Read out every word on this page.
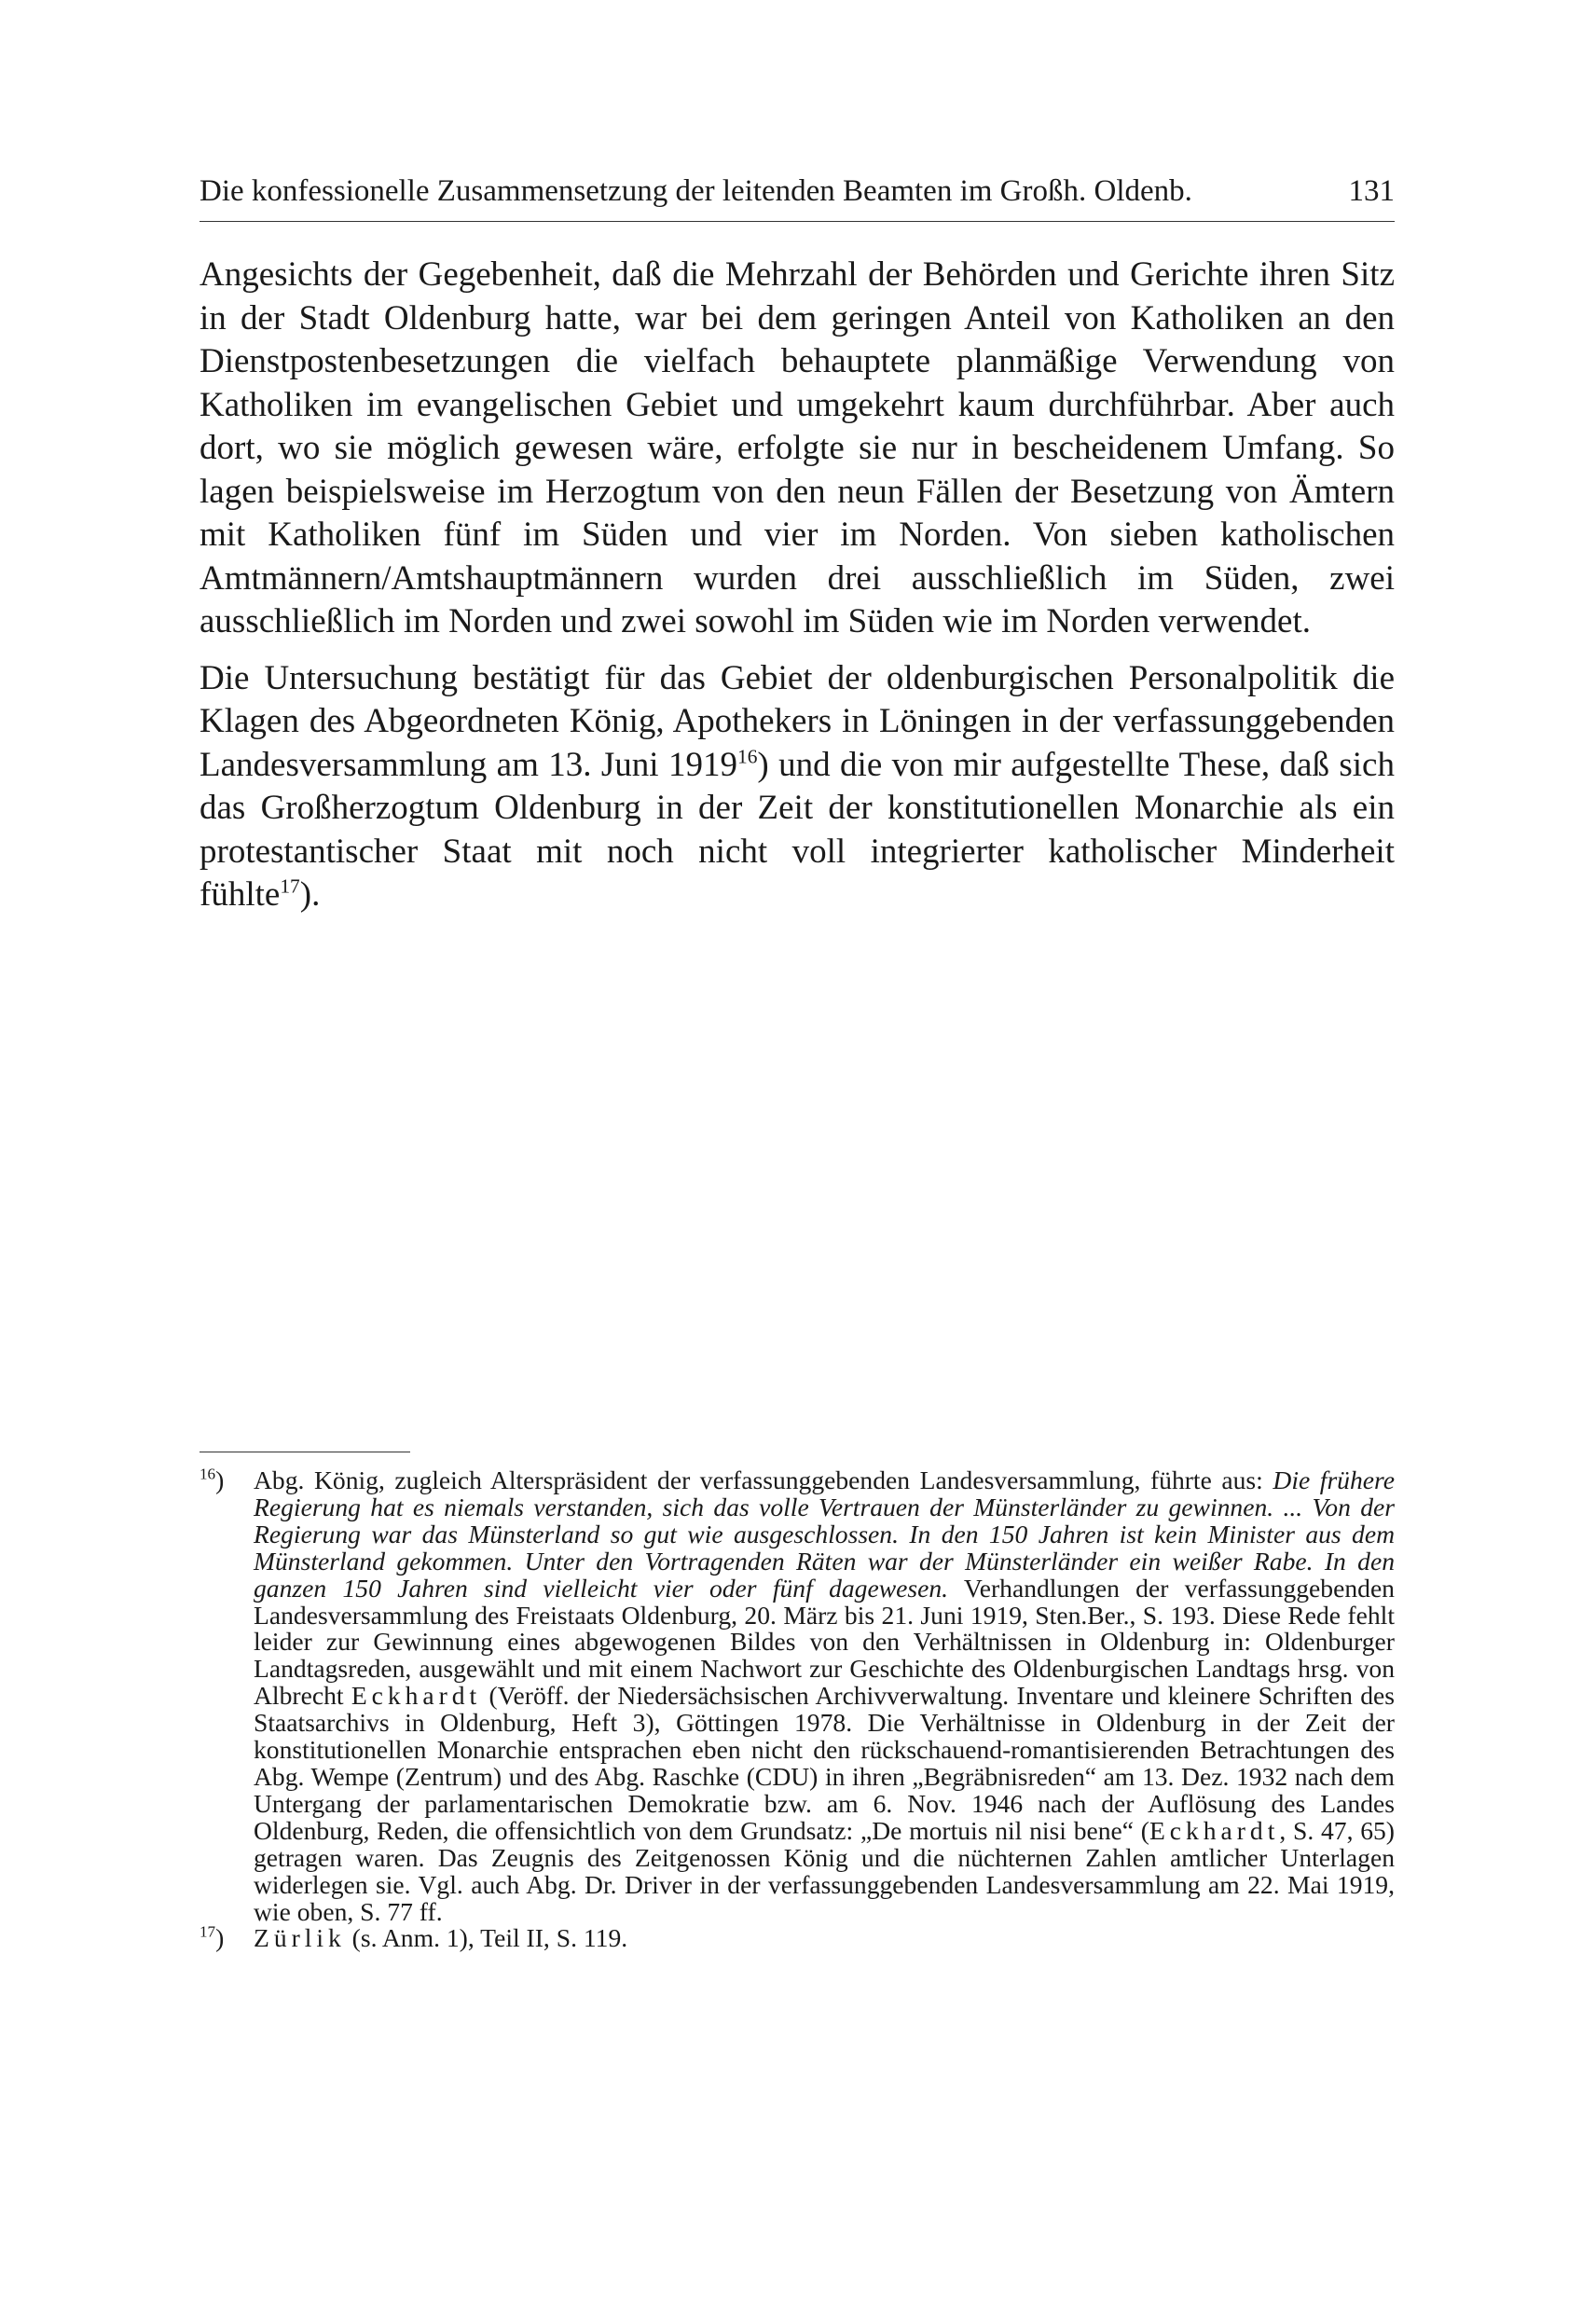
Die konfessionelle Zusammensetzung der leitenden Beamten im Großh. Oldenb.	131

Angesichts der Gegebenheit, daß die Mehrzahl der Behörden und Gerichte ihren Sitz in der Stadt Oldenburg hatte, war bei dem geringen Anteil von Katholiken an den Dienstpostenbesetzungen die vielfach behauptete planmäßige Verwendung von Katholiken im evangelischen Gebiet und umgekehrt kaum durchführbar. Aber auch dort, wo sie möglich gewesen wäre, erfolgte sie nur in bescheidenem Umfang. So lagen beispielsweise im Herzogtum von den neun Fällen der Besetzung von Ämtern mit Katholiken fünf im Süden und vier im Norden. Von sieben katholischen Amtmännern/Amtshauptmännern wurden drei ausschließlich im Süden, zwei ausschließlich im Norden und zwei sowohl im Süden wie im Norden verwendet.

Die Untersuchung bestätigt für das Gebiet der oldenburgischen Personalpolitik die Klagen des Abgeordneten König, Apothekers in Löningen in der verfassunggebenden Landesversammlung am 13. Juni 1919$^{16}$) und die von mir aufgestellte These, daß sich das Großherzogtum Oldenburg in der Zeit der konstitutionellen Monarchie als ein protestantischer Staat mit noch nicht voll integrierter katholischer Minderheit fühlte$^{17}$).

$^{16}$) Abg. König, zugleich Alterspräsident der verfassunggebenden Landesversammlung, führte aus: Die frühere Regierung hat es niemals verstanden, sich das volle Vertrauen der Münsterländer zu gewinnen. ... Von der Regierung war das Münsterland so gut wie ausgeschlossen. In den 150 Jahren ist kein Minister aus dem Münsterland gekommen. Unter den Vortragenden Räten war der Münsterländer ein weißer Rabe. In den ganzen 150 Jahren sind vielleicht vier oder fünf dagewesen. Verhandlungen der verfassunggebenden Landesversammlung des Freistaats Oldenburg, 20. März bis 21. Juni 1919, Sten.Ber., S. 193. Diese Rede fehlt leider zur Gewinnung eines abgewogenen Bildes von den Verhältnissen in Oldenburg in: Oldenburger Landtagsreden, ausgewählt und mit einem Nachwort zur Geschichte des Oldenburgischen Landtags hrsg. von Albrecht Eckhardt (Veröff. der Niedersächsischen Archivverwaltung. Inventare und kleinere Schriften des Staatsarchivs in Oldenburg, Heft 3), Göttingen 1978. Die Verhältnisse in Oldenburg in der Zeit der konstitutionellen Monarchie entsprachen eben nicht den rückschauend-romantisierenden Betrachtungen des Abg. Wempe (Zentrum) und des Abg. Raschke (CDU) in ihren „Begräbnisreden“ am 13. Dez. 1932 nach dem Untergang der parlamentarischen Demokratie bzw. am 6. Nov. 1946 nach der Auflösung des Landes Oldenburg, Reden, die offensichtlich von dem Grundsatz: „De mortuis nil nisi bene“ (Eckhardt, S. 47, 65) getragen waren. Das Zeugnis des Zeitgenossen König und die nüchternen Zahlen amtlicher Unterlagen widerlegen sie. Vgl. auch Abg. Dr. Driver in der verfassunggebenden Landesversammlung am 22. Mai 1919, wie oben, S. 77 ff.

$^{17}$) Zürlik (s. Anm. 1), Teil II, S. 119.
